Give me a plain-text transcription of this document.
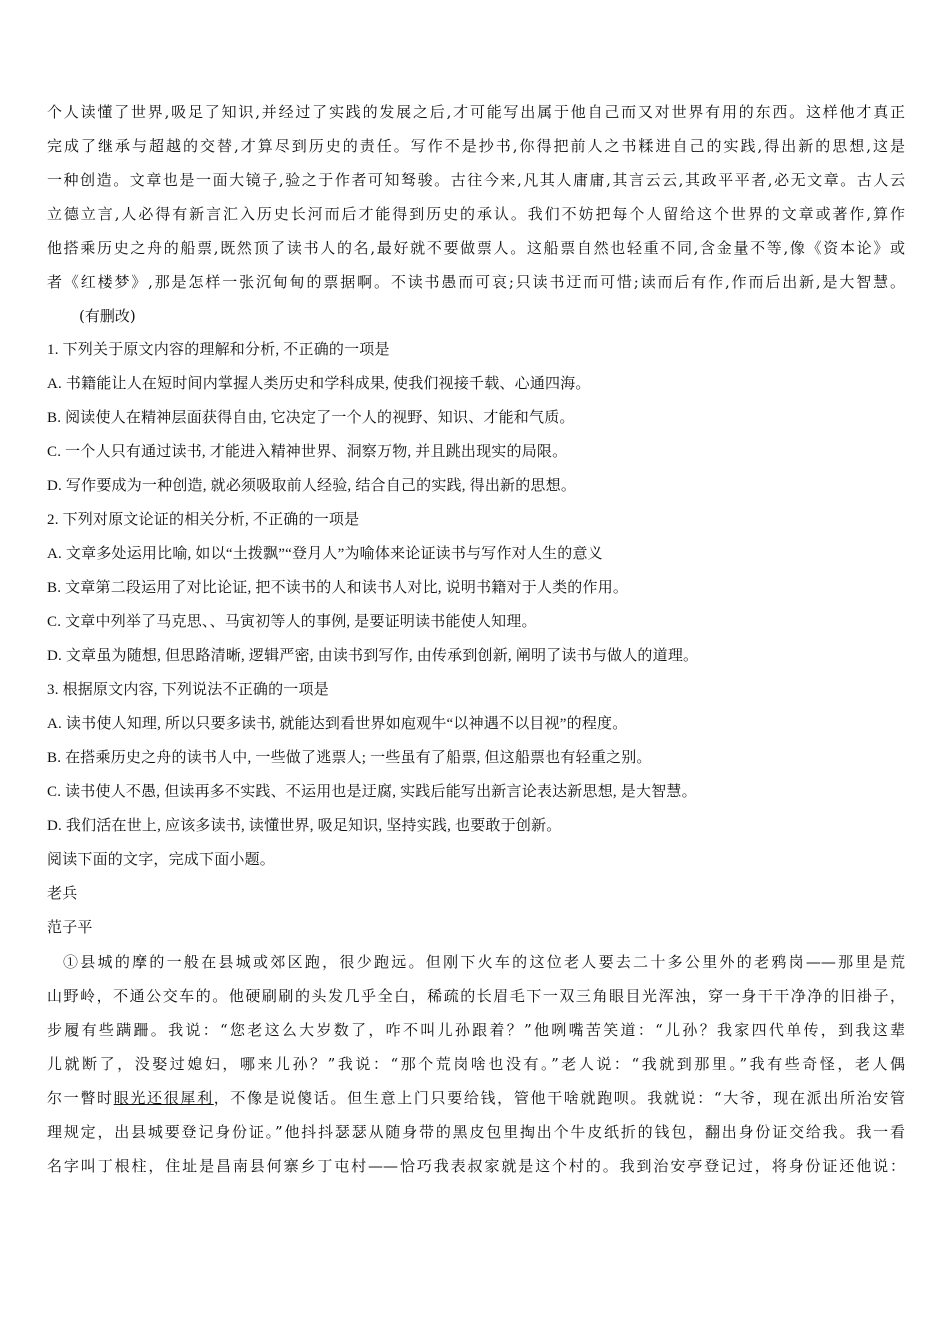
个人读懂了世界,吸足了知识,并经过了实践的发展之后,才可能写出属于他自己而又对世界有用的东西。这样他才真正
完成了继承与超越的交替,才算尽到历史的责任。写作不是抄书,你得把前人之书糅进自己的实践,得出新的思想,这是
一种创造。文章也是一面大镜子,验之于作者可知驽骏。古往今来,凡其人庸庸,其言云云,其政平平者,必无文章。古人云
立德立言,人必得有新言汇入历史长河而后才能得到历史的承认。我们不妨把每个人留给这个世界的文章或著作,算作
他搭乘历史之舟的船票,既然顶了读书人的名,最好就不要做票人。这船票自然也轻重不同,含金量不等,像《资本论》或
者《红楼梦》,那是怎样一张沉甸甸的票据啊。不读书愚而可哀;只读书迂而可惜;读而后有作,作而后出新,是大智慧。
(有删改)
1. 下列关于原文内容的理解和分析, 不正确的一项是
A. 书籍能让人在短时间内掌握人类历史和学科成果, 使我们视接千载、心通四海。
B. 阅读使人在精神层面获得自由, 它决定了一个人的视野、知识、才能和气质。
C. 一个人只有通过读书, 才能进入精神世界、洞察万物, 并且跳出现实的局限。
D. 写作要成为一种创造, 就必须吸取前人经验, 结合自己的实践, 得出新的思想。
2. 下列对原文论证的相关分析, 不正确的一项是
A. 文章多处运用比喻, 如以“土拨飘”“登月人”为喻体来论证读书与写作对人生的意义
B. 文章第二段运用了对比论证, 把不读书的人和读书人对比, 说明书籍对于人类的作用。
C. 文章中列举了马克思、、马寅初等人的事例, 是要证明读书能使人知理。
D. 文章虽为随想, 但思路清晰, 逻辑严密, 由读书到写作, 由传承到创新, 阐明了读书与做人的道理。
3. 根据原文内容, 下列说法不正确的一项是
A. 读书使人知理, 所以只要多读书, 就能达到看世界如庖观牛“以神遇不以目视”的程度。
B. 在搭乘历史之舟的读书人中, 一些做了逃票人; 一些虽有了船票, 但这船票也有轻重之别。
C. 读书使人不愚, 但读再多不实践、不运用也是迂腐, 实践后能写出新言论表达新思想, 是大智慧。
D. 我们活在世上, 应该多读书, 读懂世界, 吸足知识, 坚持实践, 也要敢于创新。
阅读下面的文字，完成下面小题。
老兵
范子平
①县城的摩的一般在县城或郊区跑，很少跑远。但刚下火车的这位老人要去二十多公里外的老鸦岗——那里是荒
山野岭，不通公交车的。他硬刷刷的头发几乎全白，稀疏的长眉毛下一双三角眼目光浑浊，穿一身干干净净的旧褂子，
步履有些蹒跚。我说：“您老这么大岁数了，咋不叫儿孙跟着？”他咧嘴苦笑道：“儿孙？我家四代单传，到我这辈
儿就断了，没娶过媳妇，哪来儿孙？”我说：“那个荒岗啥也没有。”老人说：“我就到那里。”我有些奇怪，老人偶
尔一瞥时眼光还很犀利，不像是说傻话。但生意上门只要给钱，管他干啥就跑呗。我就说：“大爷，现在派出所治安管
理规定，出县城要登记身份证。”他抖抖瑟瑟从随身带的黑皮包里掏出个牛皮纸折的钱包，翻出身份证交给我。我一看
名字叫丁根柱，住址是昌南县何寨乡丁屯村——恰巧我表叔家就是这个村的。我到治安亭登记过，将身份证还他说：
